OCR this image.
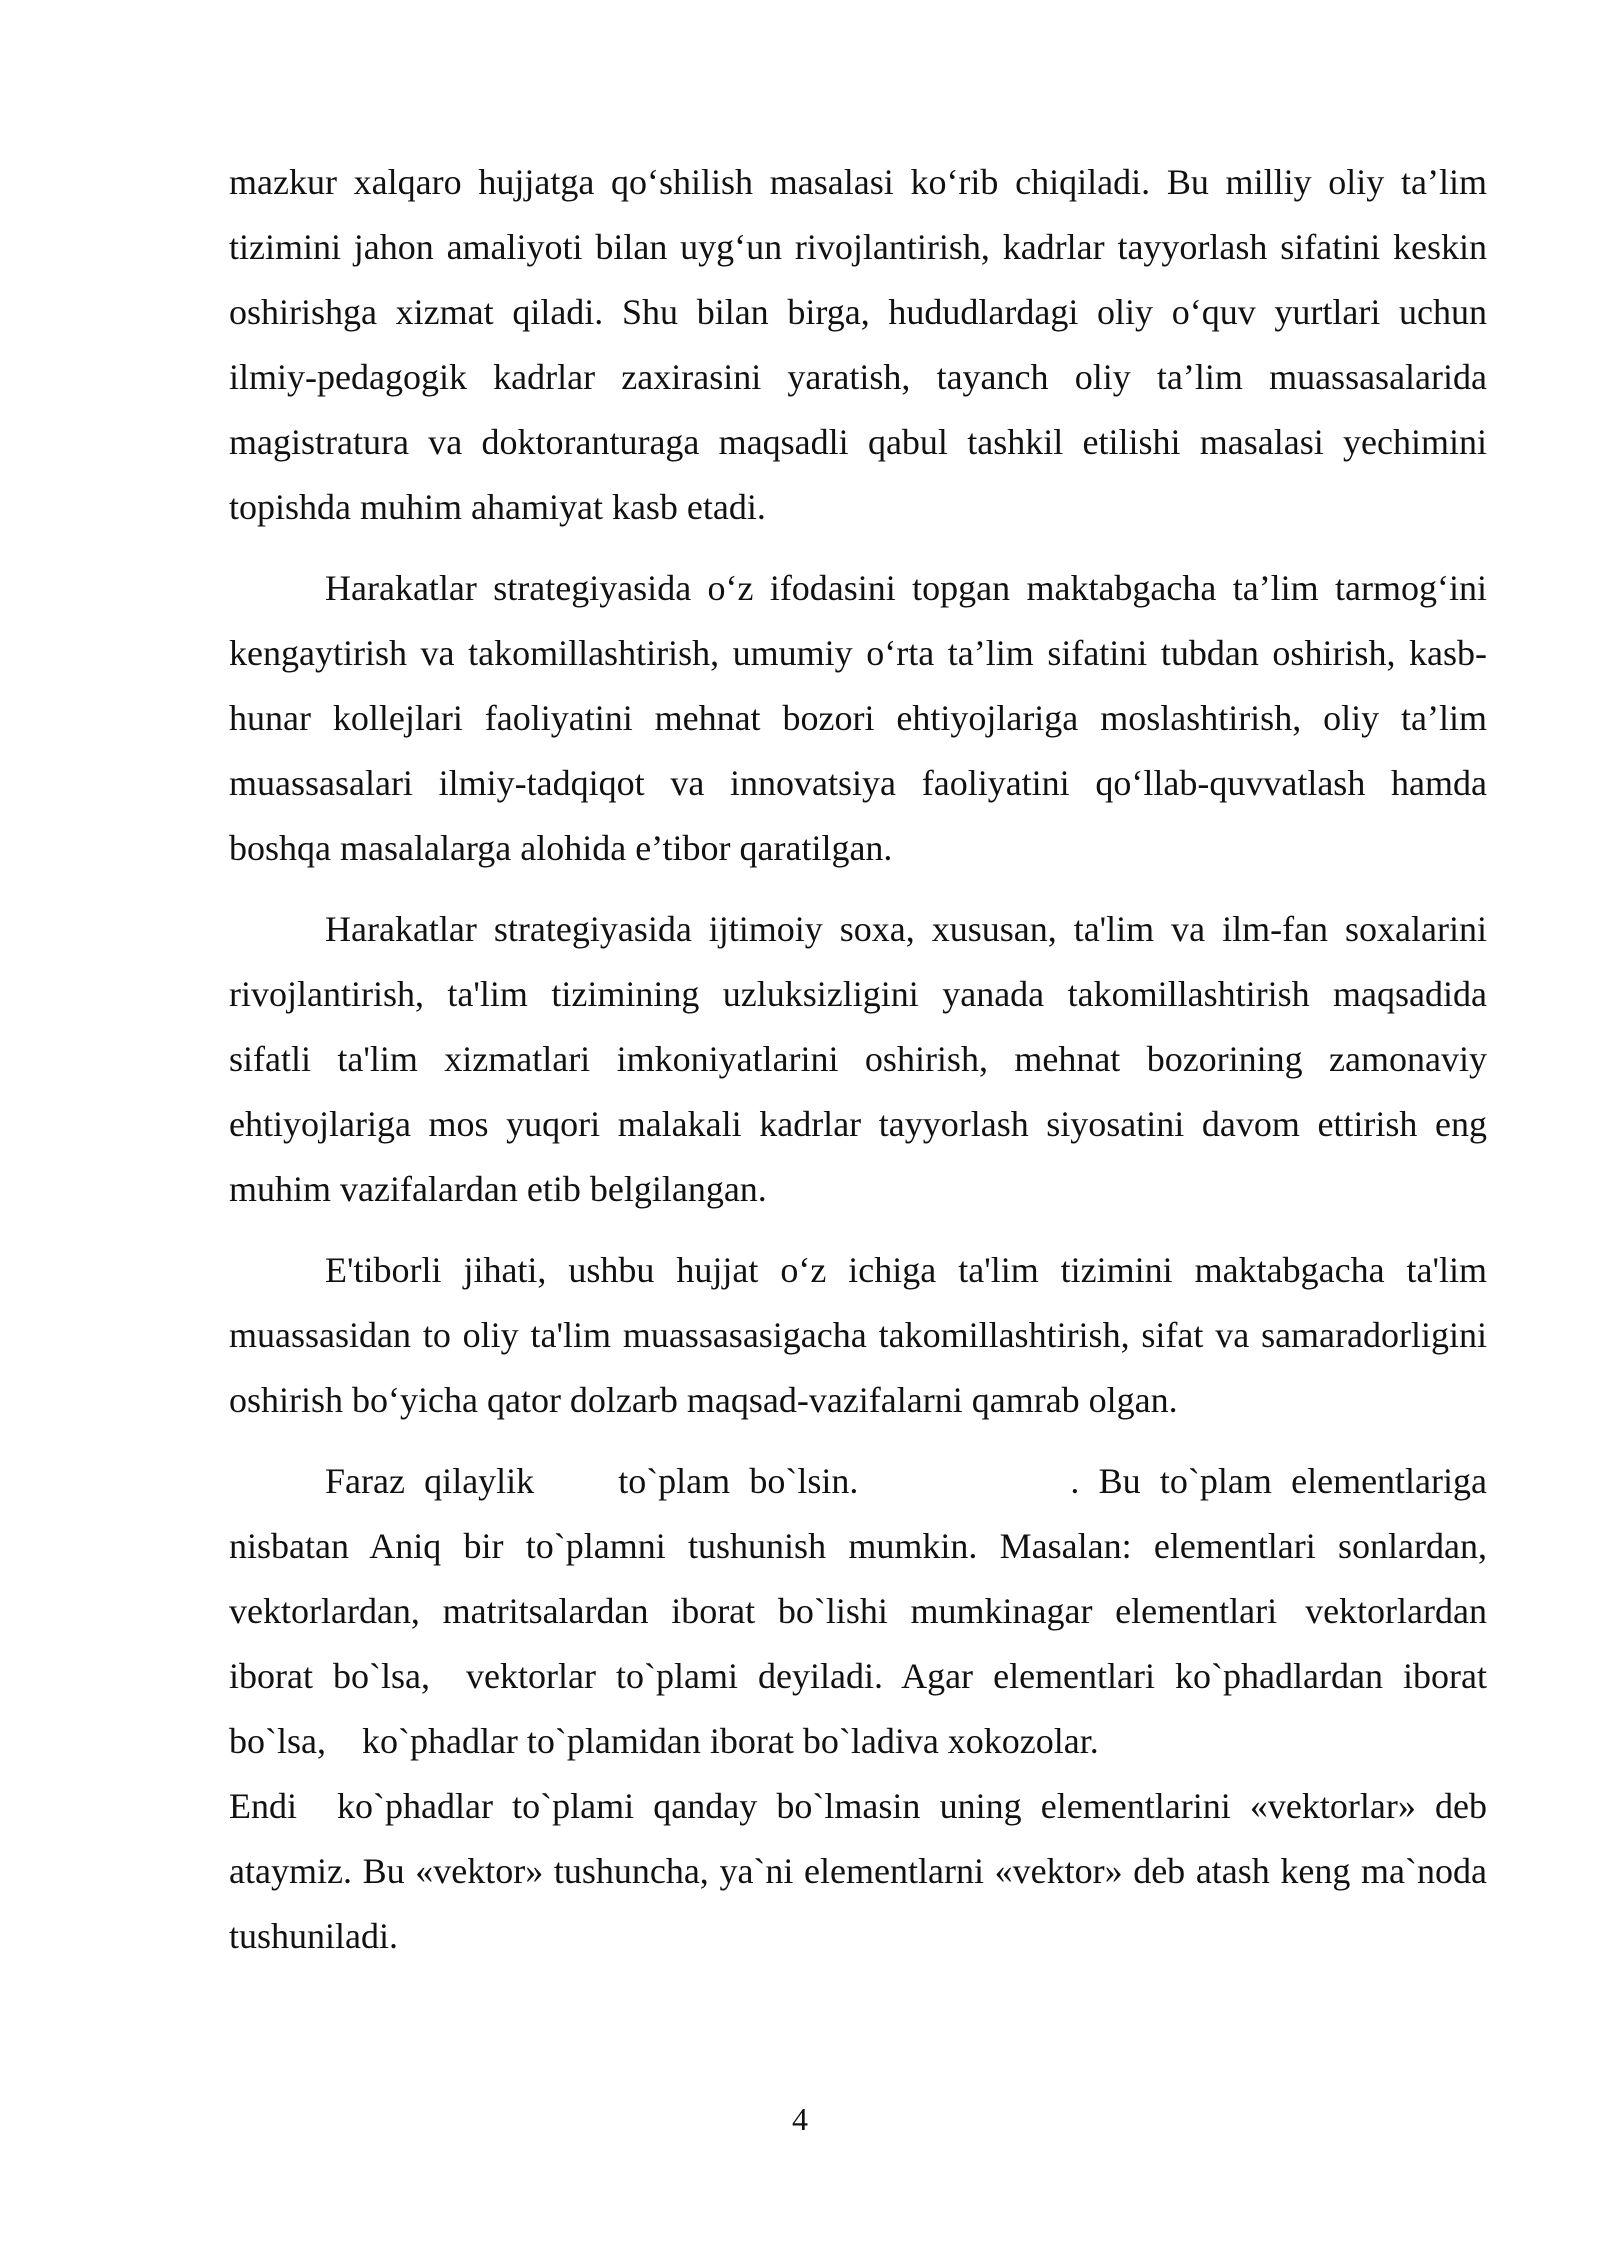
mazkur xalqaro hujjatga qo‘shilish masalasi ko‘rib chiqiladi. Bu milliy oliy ta’lim tizimini jahon amaliyoti bilan uyg‘un rivojlantirish, kadrlar tayyorlash sifatini keskin oshirishga xizmat qiladi. Shu bilan birga, hududlardagi oliy o‘quv yurtlari uchun ilmiy-pedagogik kadrlar zaxirasini yaratish, tayanch oliy ta’lim muassasalarida magistratura va doktoranturaga maqsadli qabul tashkil etilishi masalasi yechimini topishda muhim ahamiyat kasb etadi.

Harakatlar strategiyasida o‘z ifodasini topgan maktabgacha ta’lim tarmog‘ini kengaytirish va takomillashtirish, umumiy o‘rta ta’lim sifatini tubdan oshirish, kasb-hunar kollejlari faoliyatini mehnat bozori ehtiyojlariga moslashtirish, oliy ta’lim muassasalari ilmiy-tadqiqot va innovatsiya faoliyatini qo‘llab-quvvatlash hamda boshqa masalalarga alohida e’tibor qaratilgan.

Harakatlar strategiyasida ijtimoiy soxa, xususan, ta'lim va ilm-fan soxalarini rivojlantirish, ta'lim tizimining uzluksizligini yanada takomillashtirish maqsadida sifatli ta'lim xizmatlari imkoniyatlarini oshirish, mehnat bozorining zamonaviy ehtiyojlariga mos yuqori malakali kadrlar tayyorlash siyosatini davom ettirish eng muhim vazifalardan etib belgilangan.

E'tiborli jihati, ushbu hujjat o‘z ichiga ta'lim tizimini maktabgacha ta'lim muassasidan to oliy ta'lim muassasasigacha takomillashtirish, sifat va samaradorligini oshirish bo‘yicha qator dolzarb maqsad-vazifalarni qamrab olgan.

Faraz qilaylik to`plam bo`lsin.	. Bu to`plam elementlariga nisbatan Aniq bir to`plamni tushunish mumkin. Masalan: elementlari sonlardan, vektorlardan, matritsalardan iborat bo`lishi mumkinagar elementlari vektorlardan iborat bo`lsa, vektorlar to`plami deyiladi. Agar elementlari ko`phadlardan iborat bo`lsa, ko`phadlar to`plamidan iborat bo`ladiva xokozolar.

Endi ko`phadlar to`plami qanday bo`lmasin uning elementlarini «vektorlar» deb ataymiz. Bu «vektor» tushuncha, ya`ni elementlarni «vektor» deb atash keng ma`noda tushuniladi.

4
